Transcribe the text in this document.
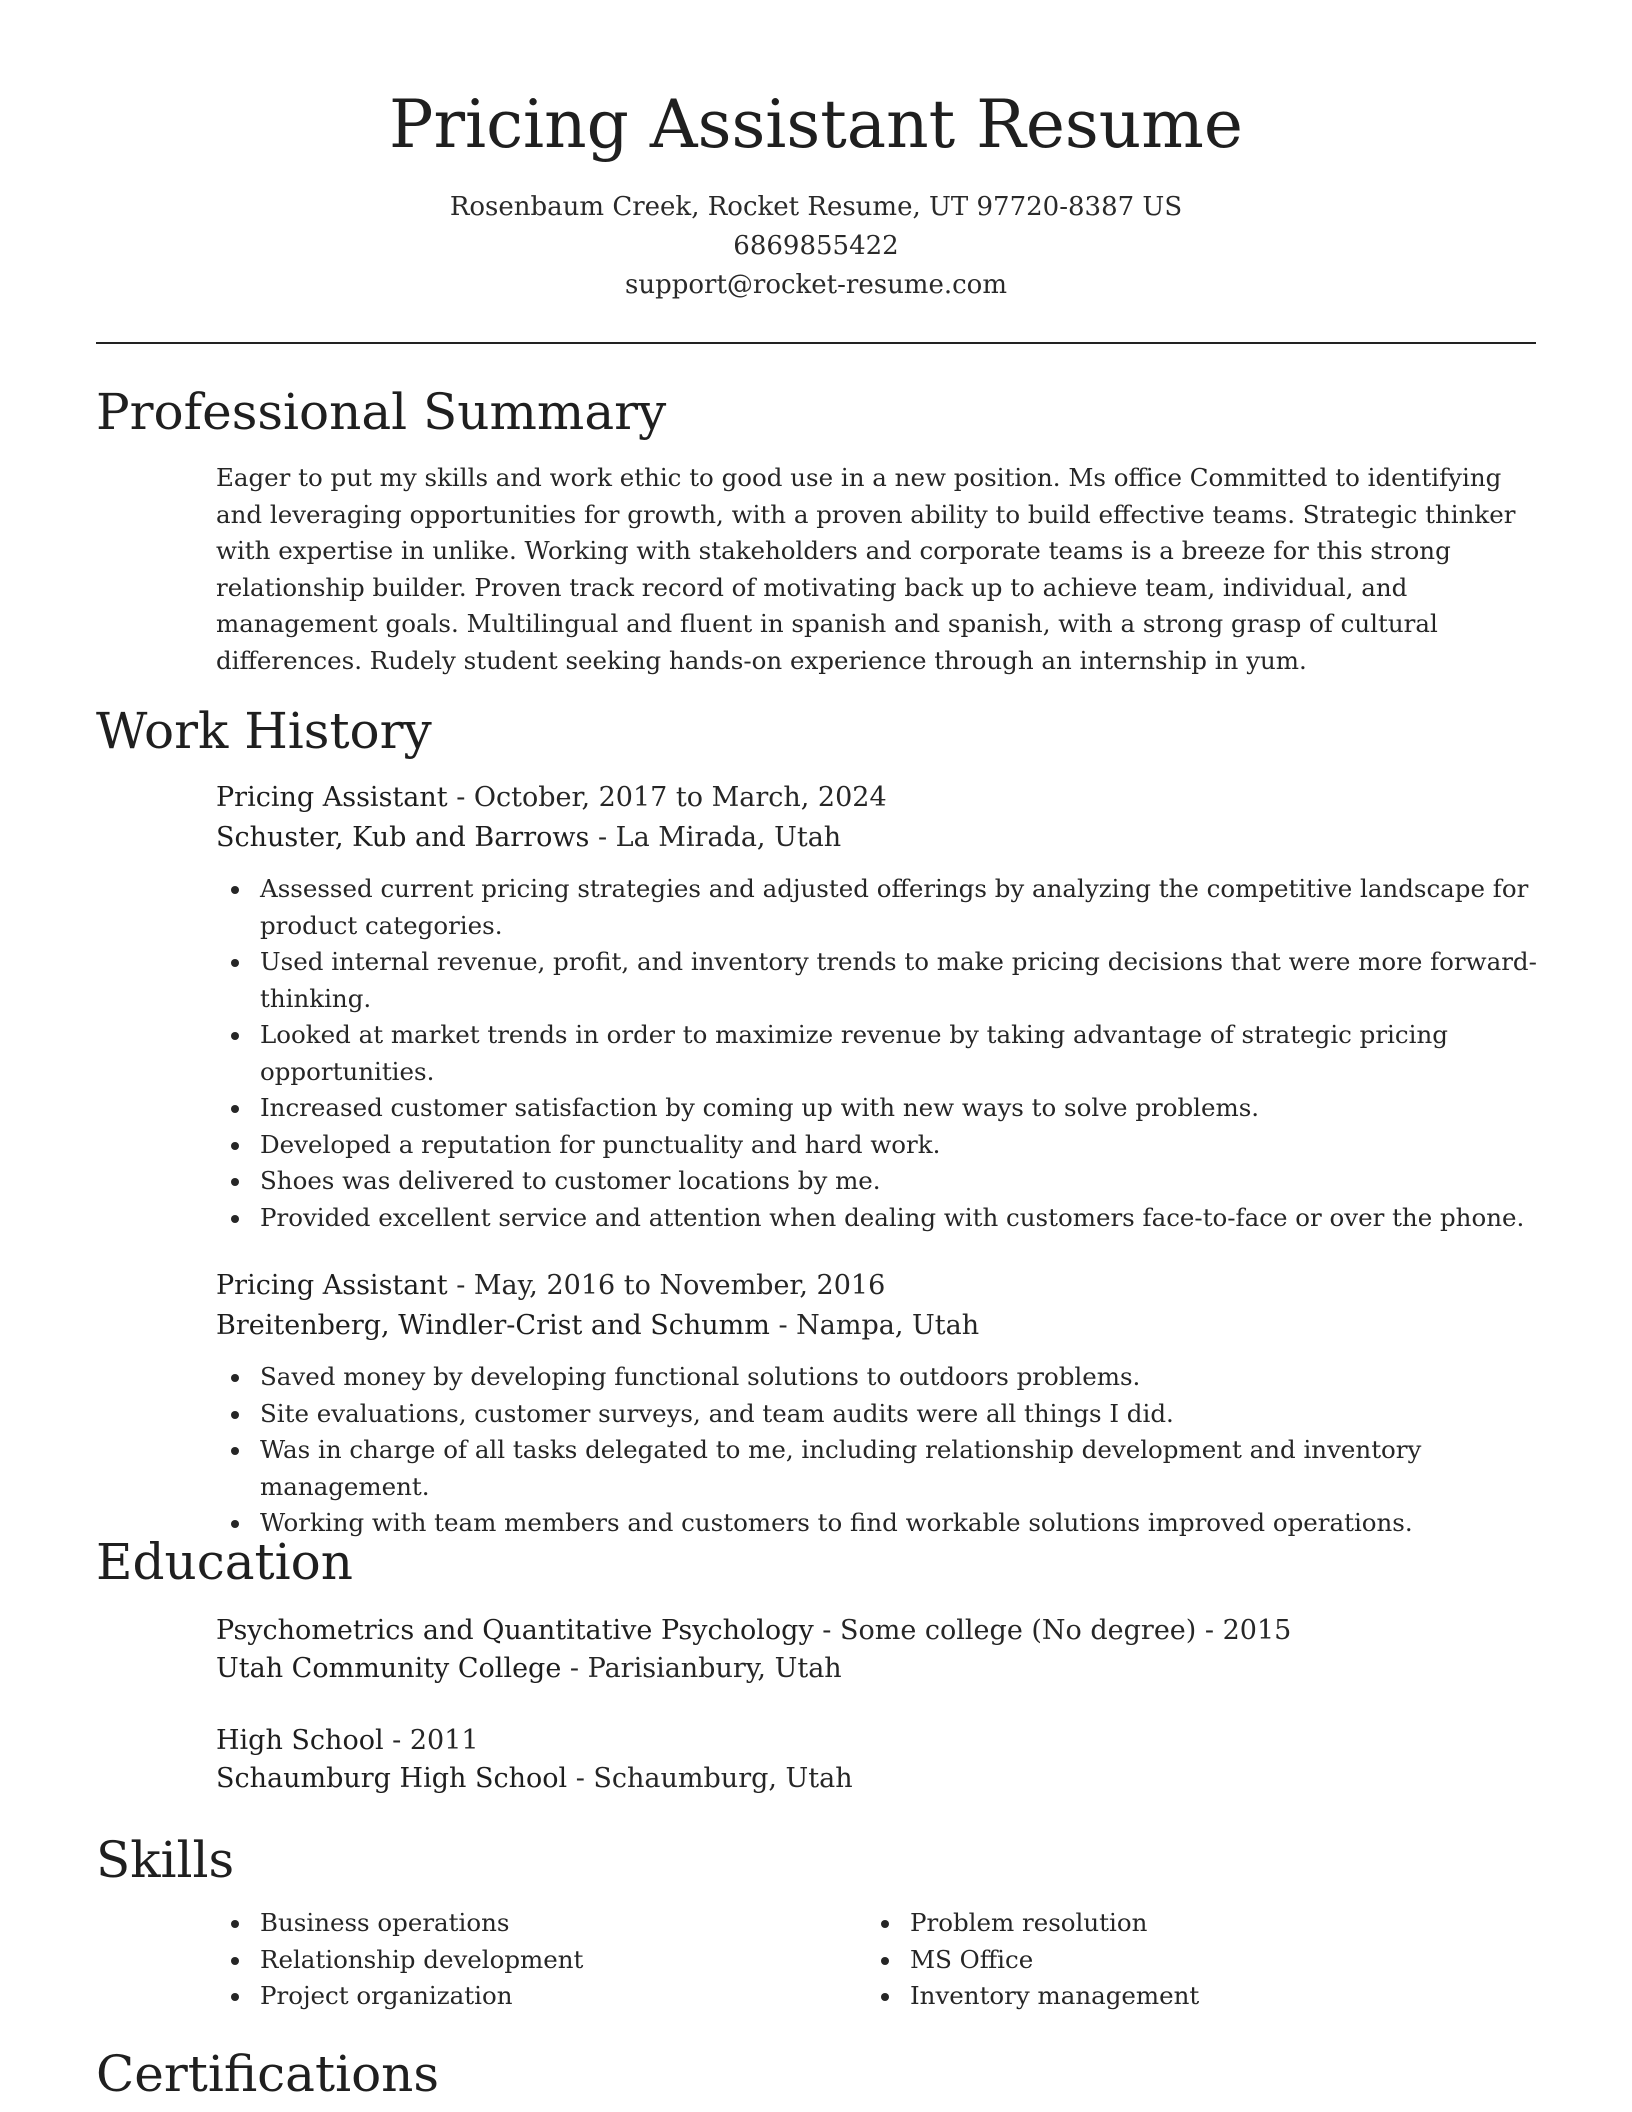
Pricing Assistant Resume
Rosenbaum Creek, Rocket Resume, UT 97720-8387 US
6869855422
support@rocket-resume.com
Professional Summary
Eager to put my skills and work ethic to good use in a new position. Ms office Committed to identifying and leveraging opportunities for growth, with a proven ability to build effective teams. Strategic thinker with expertise in unlike. Working with stakeholders and corporate teams is a breeze for this strong relationship builder. Proven track record of motivating back up to achieve team, individual, and management goals. Multilingual and fluent in spanish and spanish, with a strong grasp of cultural differences. Rudely student seeking hands-on experience through an internship in yum.
Work History
Pricing Assistant - October, 2017 to March, 2024
Schuster, Kub and Barrows - La Mirada, Utah
Assessed current pricing strategies and adjusted offerings by analyzing the competitive landscape for product categories.
Used internal revenue, profit, and inventory trends to make pricing decisions that were more forward-thinking.
Looked at market trends in order to maximize revenue by taking advantage of strategic pricing opportunities.
Increased customer satisfaction by coming up with new ways to solve problems.
Developed a reputation for punctuality and hard work.
Shoes was delivered to customer locations by me.
Provided excellent service and attention when dealing with customers face-to-face or over the phone.
Pricing Assistant - May, 2016 to November, 2016
Breitenberg, Windler-Crist and Schumm - Nampa, Utah
Saved money by developing functional solutions to outdoors problems.
Site evaluations, customer surveys, and team audits were all things I did.
Was in charge of all tasks delegated to me, including relationship development and inventory management.
Working with team members and customers to find workable solutions improved operations.
Education
Psychometrics and Quantitative Psychology - Some college (No degree) - 2015
Utah Community College - Parisianbury, Utah
High School - 2011
Schaumburg High School - Schaumburg, Utah
Skills
Business operations
Relationship development
Project organization
Problem resolution
MS Office
Inventory management
Certifications
